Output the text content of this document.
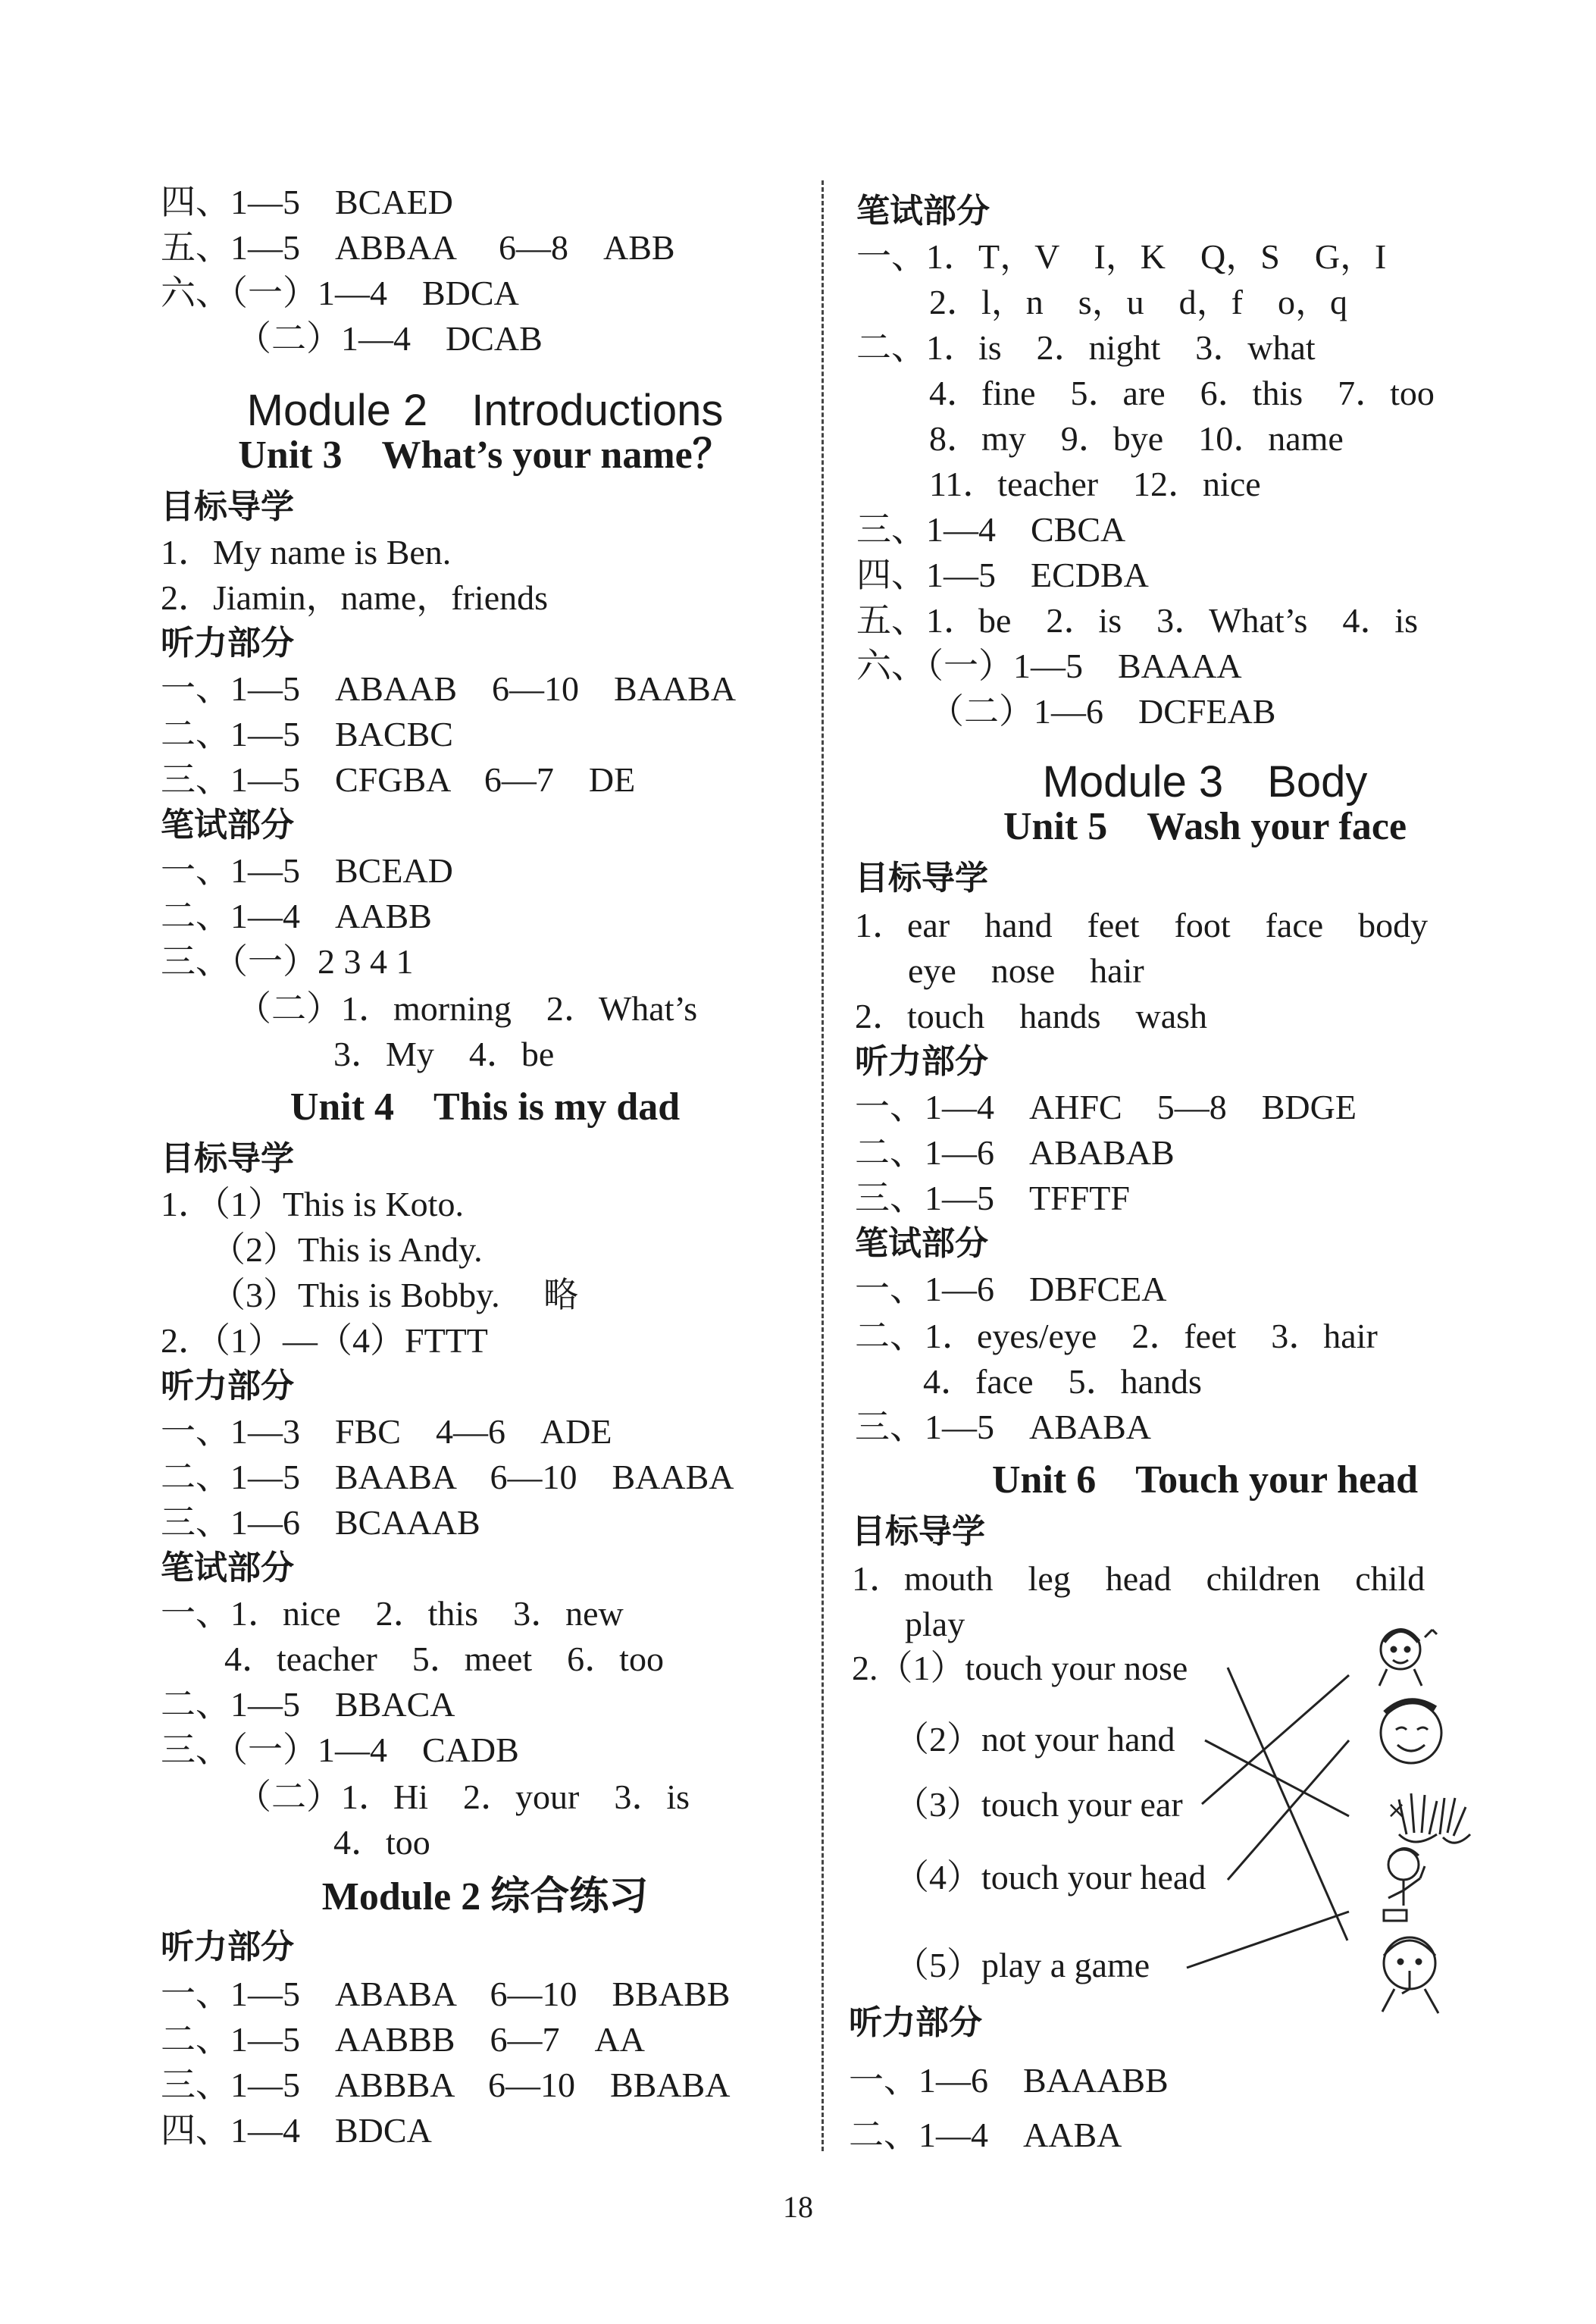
四、1—5　BCAED
五、1—5　ABBAA　 6—8　ABB
六、（一）1—4　BDCA
（二）1—4　DCAB
Module 2　Introductions
Unit 3　What’s your name？
目标导学
1．My name is Ben.
2．Jiamin，name，friends
听力部分
一、1—5　ABAAB　6—10　BAABA
二、1—5　BACBC
三、1—5　CFGBA　6—7　DE
笔试部分
一、1—5　BCEAD
二、1—4　AABB
三、（一）2 3 4 1
（二）1．morning　2．What’s
3．My　4．be
Unit 4　This is my dad
目标导学
1．（1）This is Koto.
（2）This is Andy.
（3）This is Bobby.　 略
2．（1）—（4）FTTT
听力部分
一、1—3　FBC　4—6　ADE
二、1—5　BAABA　6—10　BAABA
三、1—6　BCAAAB
笔试部分
一、1．nice　2．this　3．new
4．teacher　5．meet　6．too
二、1—5　BBACA
三、（一）1—4　CADB
（二）1．Hi　2．your　3．is
4．too
Module 2 综合练习
听力部分
一、1—5　ABABA　6—10　BBABB
二、1—5　AABBB　6—7　AA
三、1—5　ABBBA　6—10　BBABA
四、1—4　BDCA
笔试部分
一、1．T，V　I，K　Q，S　G，I
2．l，n　s，u　d，f　o，q
二、1．is　2．night　3．what
4．fine　5．are　6．this　7．too
8．my　9．bye　10．name
11．teacher　12．nice
三、1—4　CBCA
四、1—5　ECDBA
五、1．be　2．is　3．What’s　4．is
六、（一）1—5　BAAAA
（二）1—6　DCFEAB
Module 3　Body
Unit 5　Wash your face
目标导学
1．ear　hand　feet　foot　face　body
eye　nose　hair
2．touch　hands　wash
听力部分
一、1—4　AHFC　5—8　BDGE
二、1—6　ABABAB
三、1—5　TFFTF
笔试部分
一、1—6　DBFCEA
二、1．eyes/eye　2．feet　3．hair
4．face　5．hands
三、1—5　ABABA
Unit 6　Touch your head
目标导学
1．mouth　leg　head　children　child
play
2.（1）touch your nose
（2）not your hand
（3）touch your ear
（4）touch your head
（5）play a game
听力部分
一、1—6　BAAABB
二、1—4　AABA
×
18
